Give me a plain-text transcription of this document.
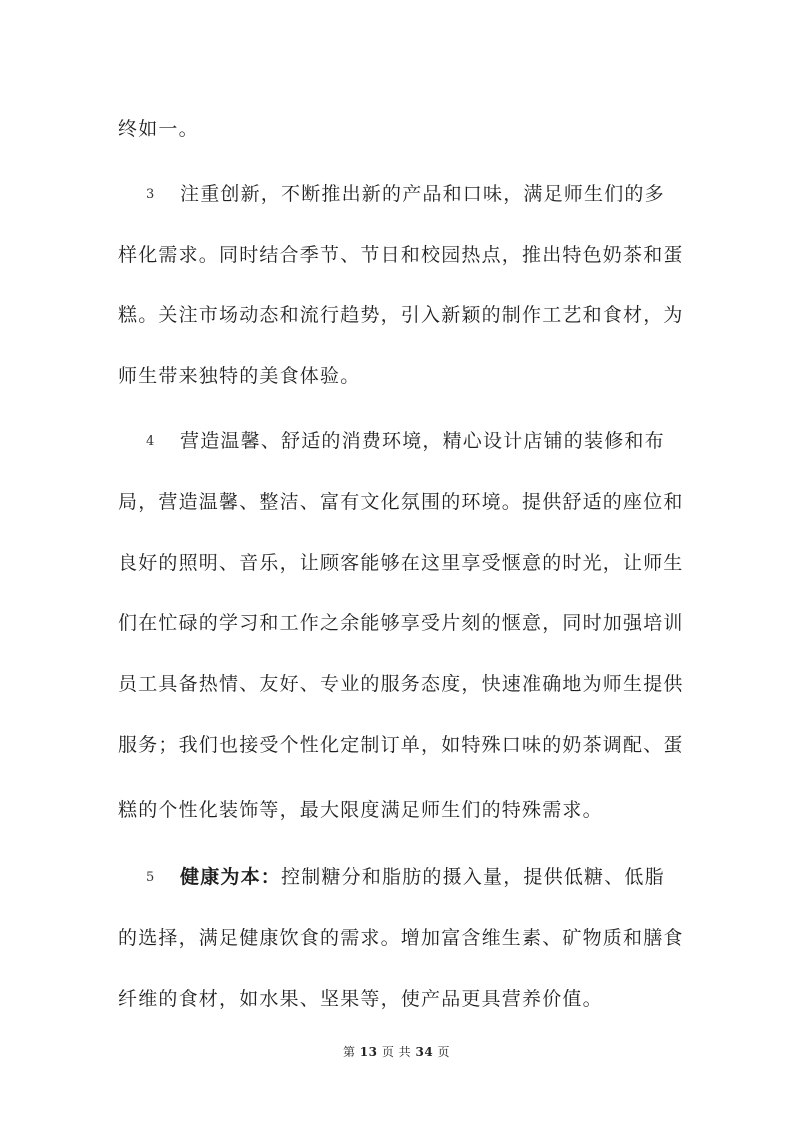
终如一。
3 注重创新，不断推出新的产品和口味，满足师生们的多
样化需求。同时结合季节、节日和校园热点，推出特色奶茶和蛋
糕。关注市场动态和流行趋势，引入新颖的制作工艺和食材，为
师生带来独特的美食体验。
4 营造温馨、舒适的消费环境，精心设计店铺的装修和布
局，营造温馨、整洁、富有文化氛围的环境。提供舒适的座位和
良好的照明、音乐，让顾客能够在这里享受惬意的时光，让师生
们在忙碌的学习和工作之余能够享受片刻的惬意，同时加强培训
员工具备热情、友好、专业的服务态度，快速准确地为师生提供
服务；我们也接受个性化定制订单，如特殊口味的奶茶调配、蛋
糕的个性化装饰等，最大限度满足师生们的特殊需求。
5 健康为本：控制糖分和脂肪的摄入量，提供低糖、低脂
的选择，满足健康饮食的需求。增加富含维生素、矿物质和膳食
纤维的食材，如水果、坚果等，使产品更具营养价值。
第 13 页 共 34 页
